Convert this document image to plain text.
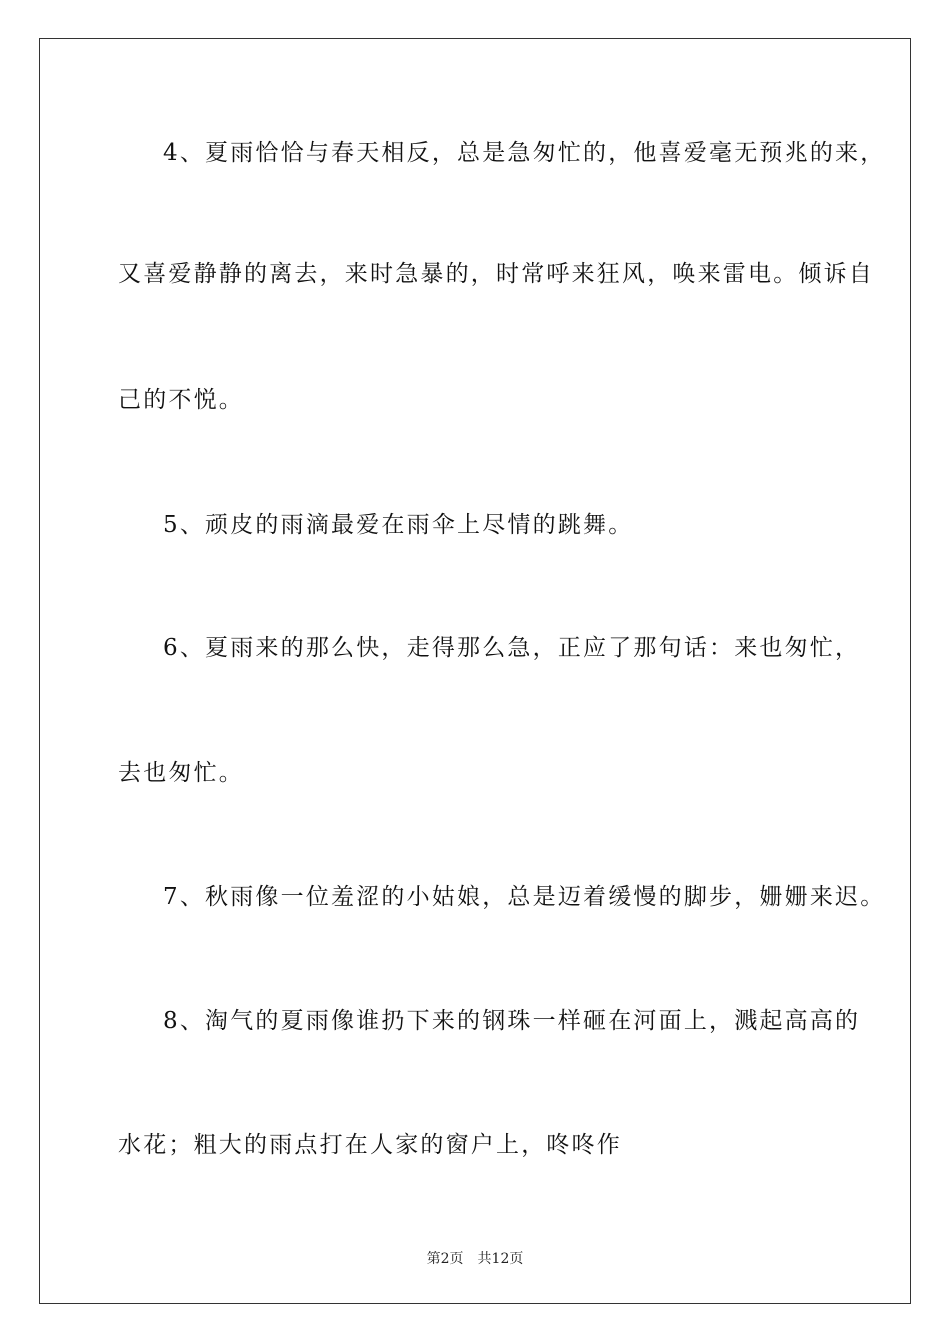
4、夏雨恰恰与春天相反，总是急匆忙的，他喜爱毫无预兆的来，
又喜爱静静的离去，来时急暴的，时常呼来狂风，唤来雷电。倾诉自
己的不悦。
5、顽皮的雨滴最爱在雨伞上尽情的跳舞。
6、夏雨来的那么快，走得那么急，正应了那句话：来也匆忙，
去也匆忙。
7、秋雨像一位羞涩的小姑娘，总是迈着缓慢的脚步，姗姗来迟。
8、淘气的夏雨像谁扔下来的钢珠一样砸在河面上，溅起高高的
水花；粗大的雨点打在人家的窗户上，咚咚作
第2页 共12页
